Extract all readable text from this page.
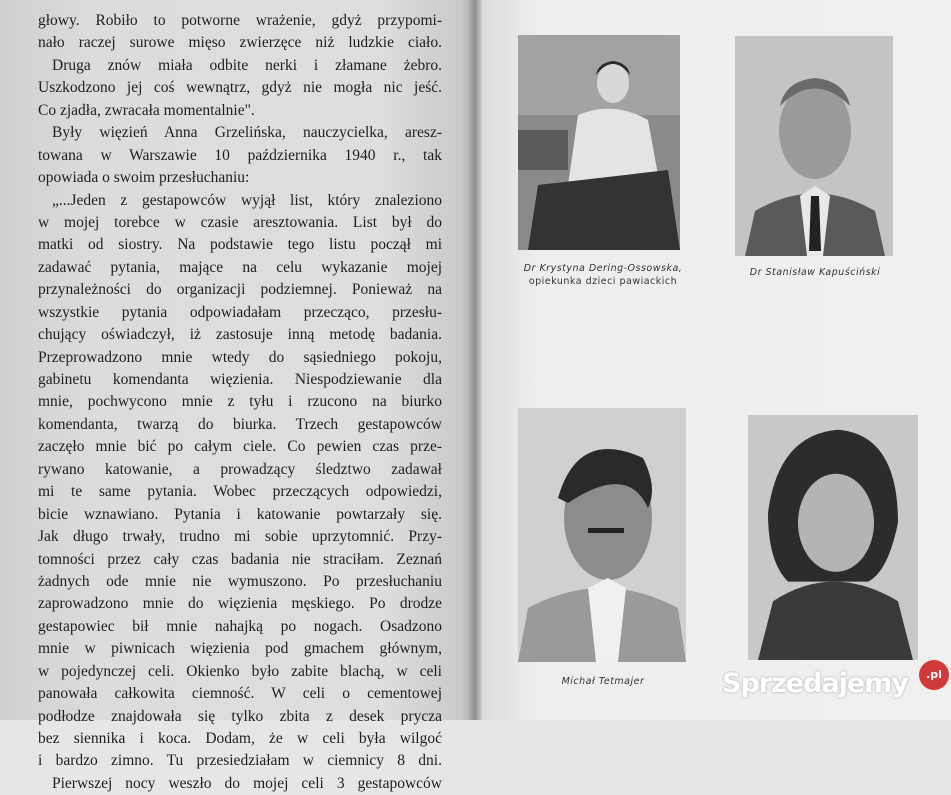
głowy. Robiło to potworne wrażenie, gdyż przypomi-
nało raczej surowe mięso zwierzęce niż ludzkie ciało.
Druga znów miała odbite nerki i złamane żebro.
Uszkodzono jej coś wewnątrz, gdyż nie mogła nic jeść.
Co zjadła, zwracała momentalnie".
Były więzień Anna Grzelińska, nauczycielka, aresz-
towana w Warszawie 10 października 1940 r., tak
opowiada o swoim przesłuchaniu:
„...Jeden z gestapowców wyjął list, który znaleziono
w mojej torebce w czasie aresztowania. List był do
matki od siostry. Na podstawie tego listu począł mi
zadawać pytania, mające na celu wykazanie mojej
przynależności do organizacji podziemnej. Ponieważ na
wszystkie pytania odpowiadałam przecząco, przesłu-
chujący oświadczył, iż zastosuje inną metodę badania.
Przeprowadzono mnie wtedy do sąsiedniego pokoju,
gabinetu komendanta więzienia. Niespodziewanie dla
mnie, pochwycono mnie z tyłu i rzucono na biurko
komendanta, twarzą do biurka. Trzech gestapowców
zaczęło mnie bić po całym ciele. Co pewien czas prze-
rywano katowanie, a prowadzący śledztwo zadawał
mi te same pytania. Wobec przeczących odpowiedzi,
bicie wznawiano. Pytania i katowanie powtarzały się.
Jak długo trwały, trudno mi sobie uprzytomnić. Przy-
tomności przez cały czas badania nie straciłam. Zeznań
żadnych ode mnie nie wymuszono. Po przesłuchaniu
zaprowadzono mnie do więzienia męskiego. Po drodze
gestapowiec bił mnie nahajką po nogach. Osadzono
mnie w piwnicach więzienia pod gmachem głównym,
w pojedynczej celi. Okienko było zabite blachą, w celi
panowała całkowita ciemność. W celi o cementowej
podłodze znajdowała się tylko zbita z desek prycza
bez siennika i koca. Dodam, że w celi była wilgoć
i bardzo zimno. Tu przesiedziałam w ciemnicy 8 dni.
Pierwszej nocy weszło do mojej celi 3 gestapowców
Dr Krystyna Dering-Ossowska,
opiekunka dzieci pawiackich
Dr Stanisław Kapuściński
Michał Tetmajer	Sprzedajemy	.pl
